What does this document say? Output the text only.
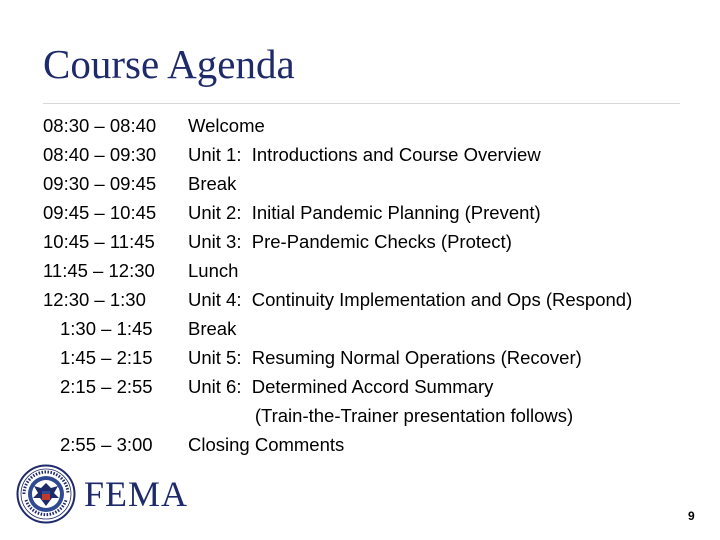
Course Agenda
08:30 – 08:40	Welcome
08:40 – 09:30	Unit 1:  Introductions and Course Overview
09:30 – 09:45	Break
09:45 – 10:45	Unit 2:  Initial Pandemic Planning (Prevent)
10:45 – 11:45	Unit 3:  Pre-Pandemic Checks (Protect)
11:45 – 12:30	Lunch
12:30 – 1:30	Unit 4:  Continuity Implementation and Ops (Respond)
1:30 – 1:45	Break
1:45 – 2:15	Unit 5:  Resuming Normal Operations (Recover)
2:15 – 2:55	Unit 6:  Determined Accord Summary
(Train-the-Trainer presentation follows)
2:55 – 3:00	Closing Comments
FEMA
9
